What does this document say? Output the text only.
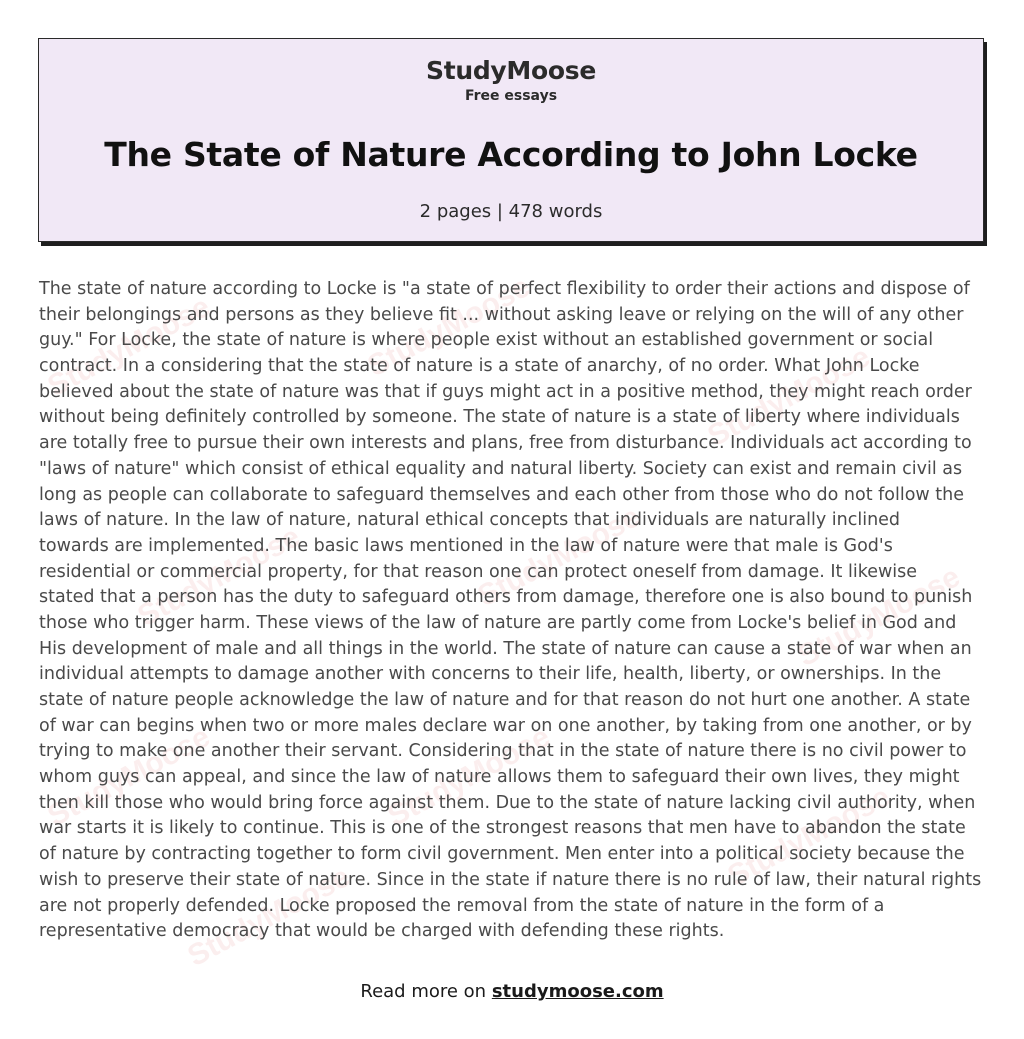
StudyMoose	StudyMoose
StudyMoose
StudyMoose	StudyMoose
StudyMoose
StudyMoose	StudyMoose
StudyMoose
StudyMoose
StudyMoose
Free essays
The State of Nature According to John Locke
2 pages | 478 words
The state of nature according to Locke is "a state of perfect flexibility to order their actions and dispose of
their belongings and persons as they believe fit ... without asking leave or relying on the will of any other
guy." For Locke, the state of nature is where people exist without an established government or social
contract. In a considering that the state of nature is a state of anarchy, of no order. What John Locke
believed about the state of nature was that if guys might act in a positive method, they might reach order
without being definitely controlled by someone. The state of nature is a state of liberty where individuals
are totally free to pursue their own interests and plans, free from disturbance. Individuals act according to
"laws of nature" which consist of ethical equality and natural liberty. Society can exist and remain civil as
long as people can collaborate to safeguard themselves and each other from those who do not follow the
laws of nature. In the law of nature, natural ethical concepts that individuals are naturally inclined
towards are implemented. The basic laws mentioned in the law of nature were that male is God's
residential or commercial property, for that reason one can protect oneself from damage. It likewise
stated that a person has the duty to safeguard others from damage, therefore one is also bound to punish
those who trigger harm. These views of the law of nature are partly come from Locke's belief in God and
His development of male and all things in the world. The state of nature can cause a state of war when an
individual attempts to damage another with concerns to their life, health, liberty, or ownerships. In the
state of nature people acknowledge the law of nature and for that reason do not hurt one another. A state
of war can begins when two or more males declare war on one another, by taking from one another, or by
trying to make one another their servant. Considering that in the state of nature there is no civil power to
whom guys can appeal, and since the law of nature allows them to safeguard their own lives, they might
then kill those who would bring force against them. Due to the state of nature lacking civil authority, when
war starts it is likely to continue. This is one of the strongest reasons that men have to abandon the state
of nature by contracting together to form civil government. Men enter into a political society because the
wish to preserve their state of nature. Since in the state if nature there is no rule of law, their natural rights
are not properly defended. Locke proposed the removal from the state of nature in the form of a
representative democracy that would be charged with defending these rights.
Read more on studymoose.com
